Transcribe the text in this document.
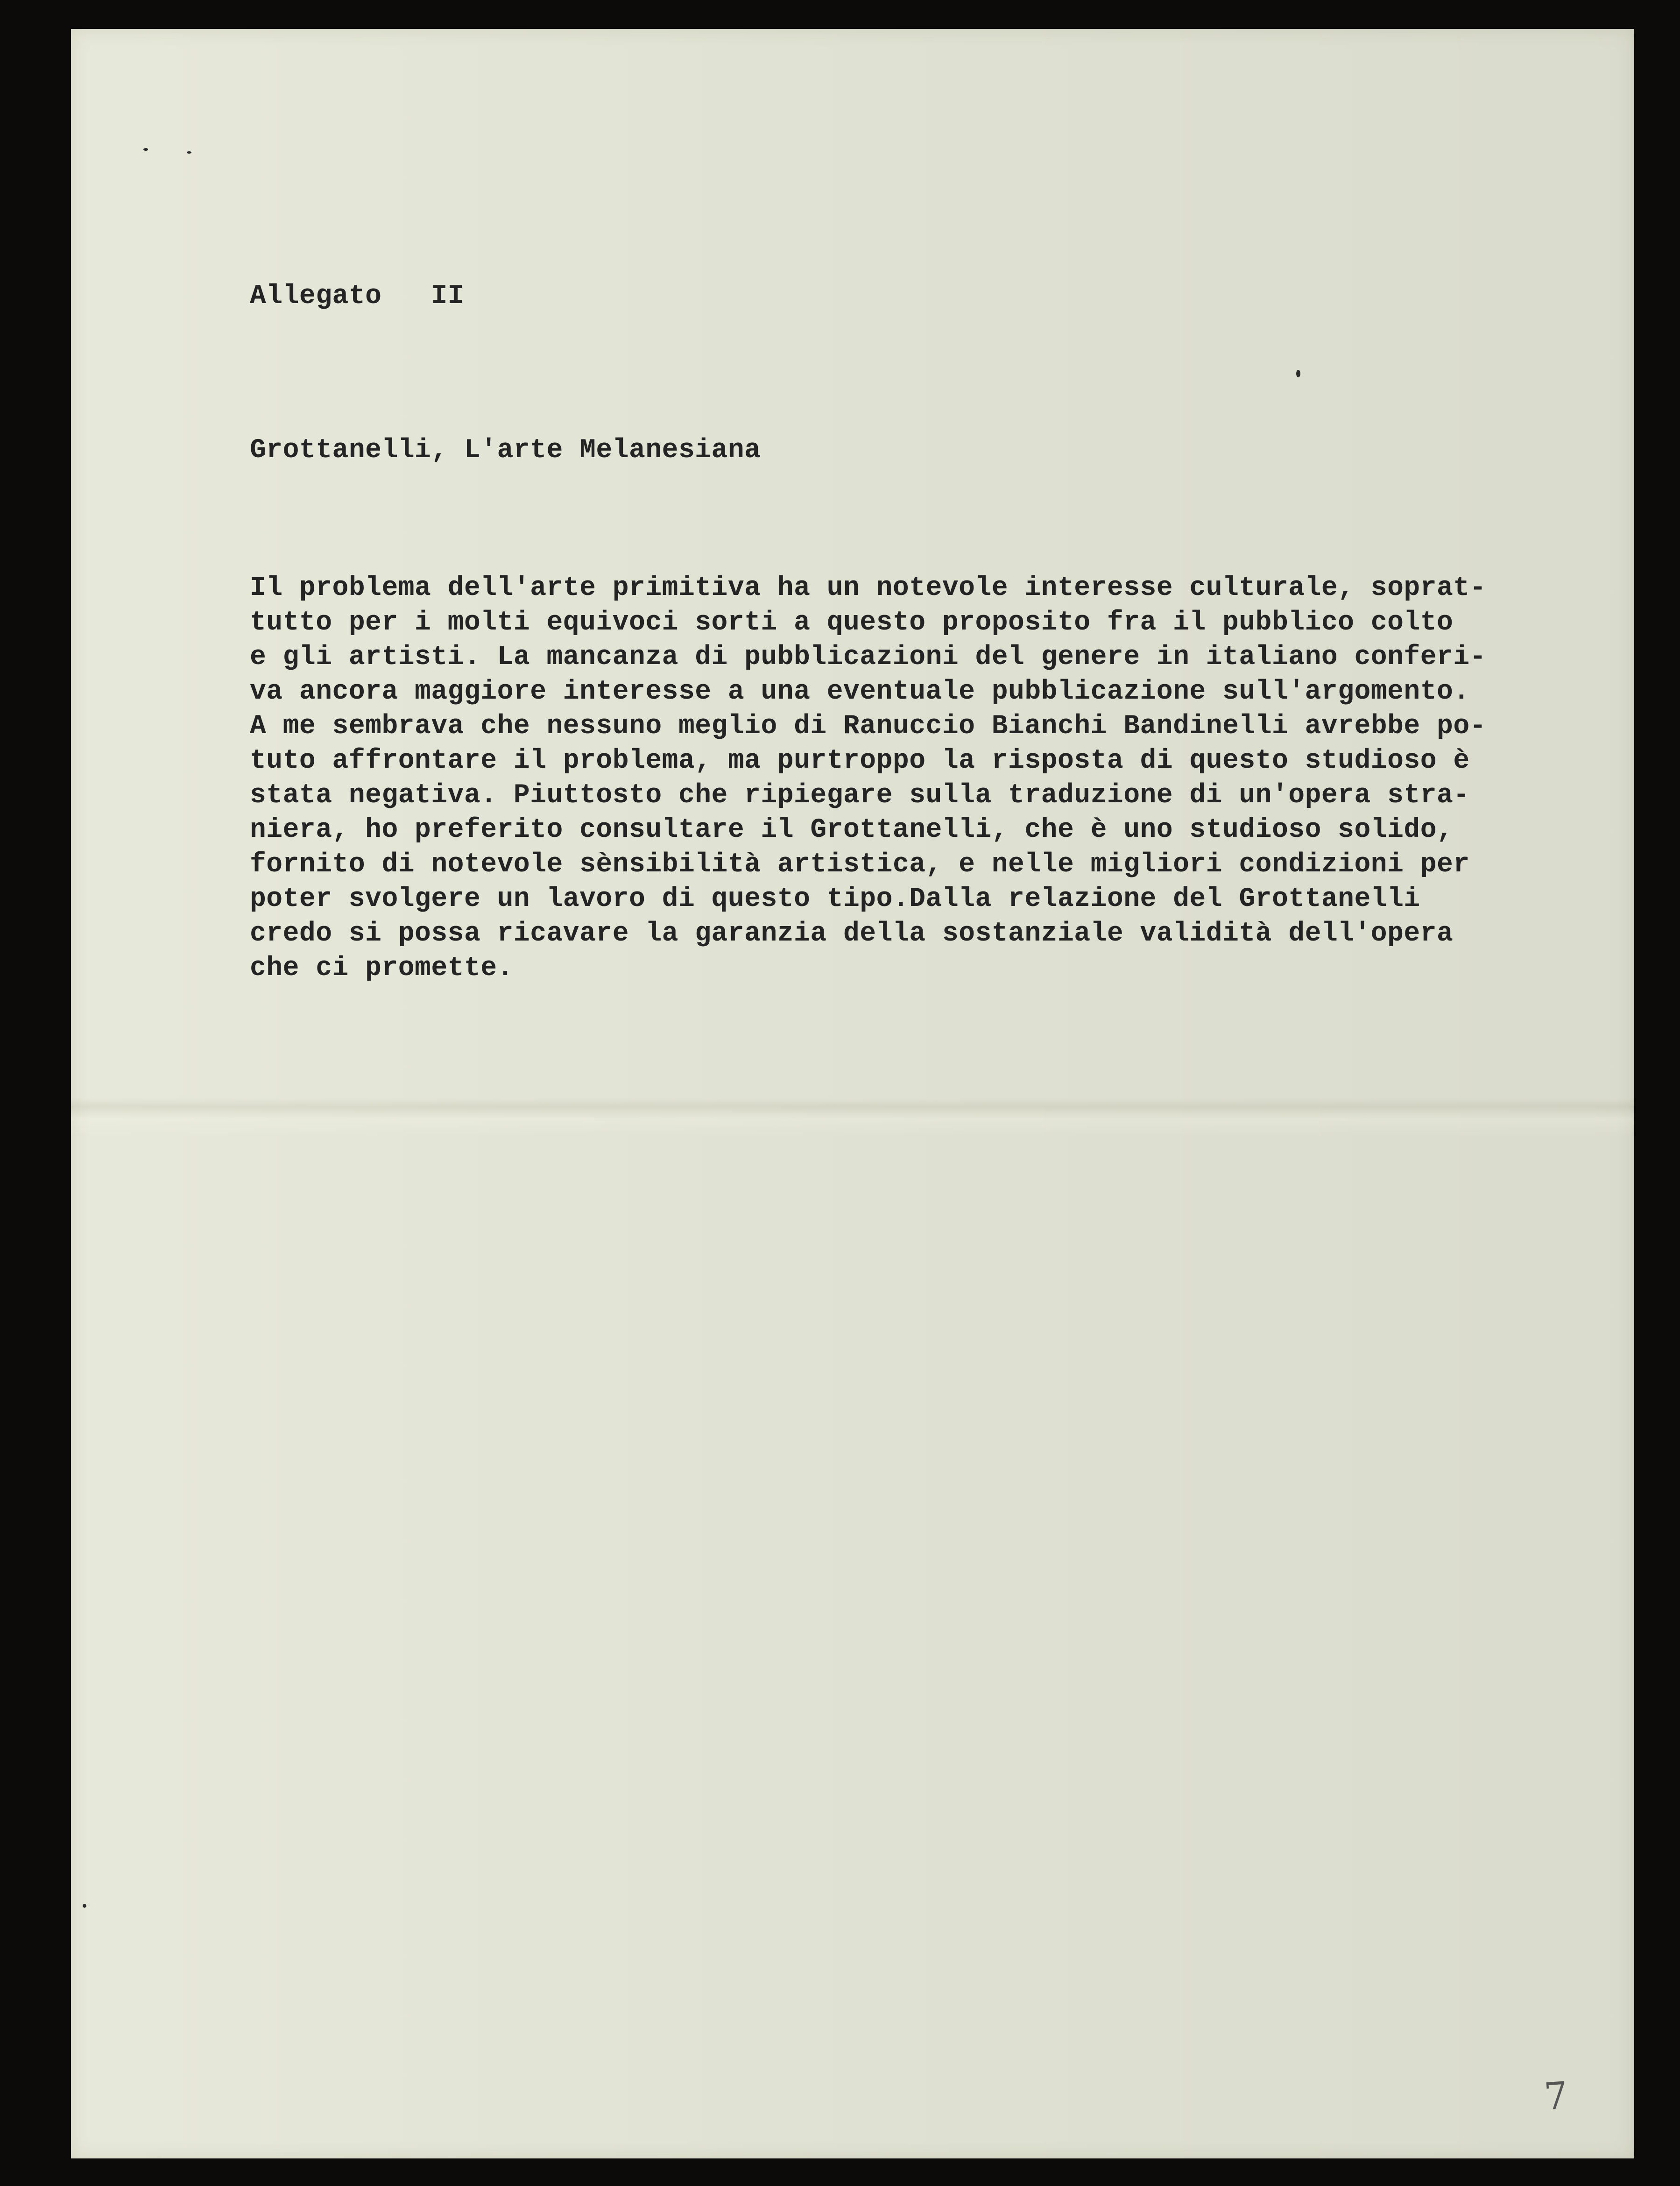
Allegato   II
Grottanelli, L'arte Melanesiana
Il problema dell'arte primitiva ha un notevole interesse culturale, soprat-
tutto per i molti equivoci sorti a questo proposito fra il pubblico colto
e gli artisti. La mancanza di pubblicazioni del genere in italiano conferi-
va ancora maggiore interesse a una eventuale pubblicazione sull'argomento.
A me sembrava che nessuno meglio di Ranuccio Bianchi Bandinelli avrebbe po-
tuto affrontare il problema, ma purtroppo la risposta di questo studioso è
stata negativa. Piuttosto che ripiegare sulla traduzione di un'opera stra-
niera, ho preferito consultare il Grottanelli, che è uno studioso solido,
fornito di notevole sènsibilità artistica, e nelle migliori condizioni per
poter svolgere un lavoro di questo tipo.Dalla relazione del Grottanelli
credo si possa ricavare la garanzia della sostanziale validità dell'opera
che ci promette.
7
